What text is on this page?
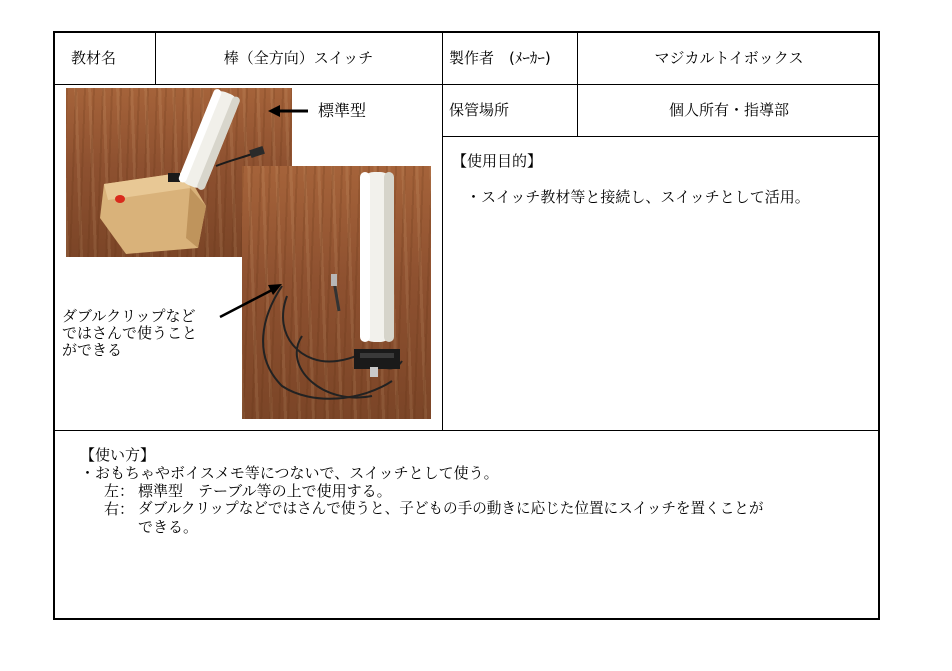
教材名	棒（全方向）スイッチ	製作者　(ﾒｰｶｰ)	マジカルトイボックス
保管場所	個人所有・指導部
【使用目的】
・スイッチ教材等と接続し、スイッチとして活用。
標準型
ダブルクリップなど
ではさんで使うこと
ができる
【使い方】
・おもちゃやボイスメモ等につないで、スイッチとして使う。
左： 標準型　テーブル等の上で使用する。
右： ダブルクリップなどではさんで使うと、子どもの手の動きに応じた位置にスイッチを置くことが
できる。
